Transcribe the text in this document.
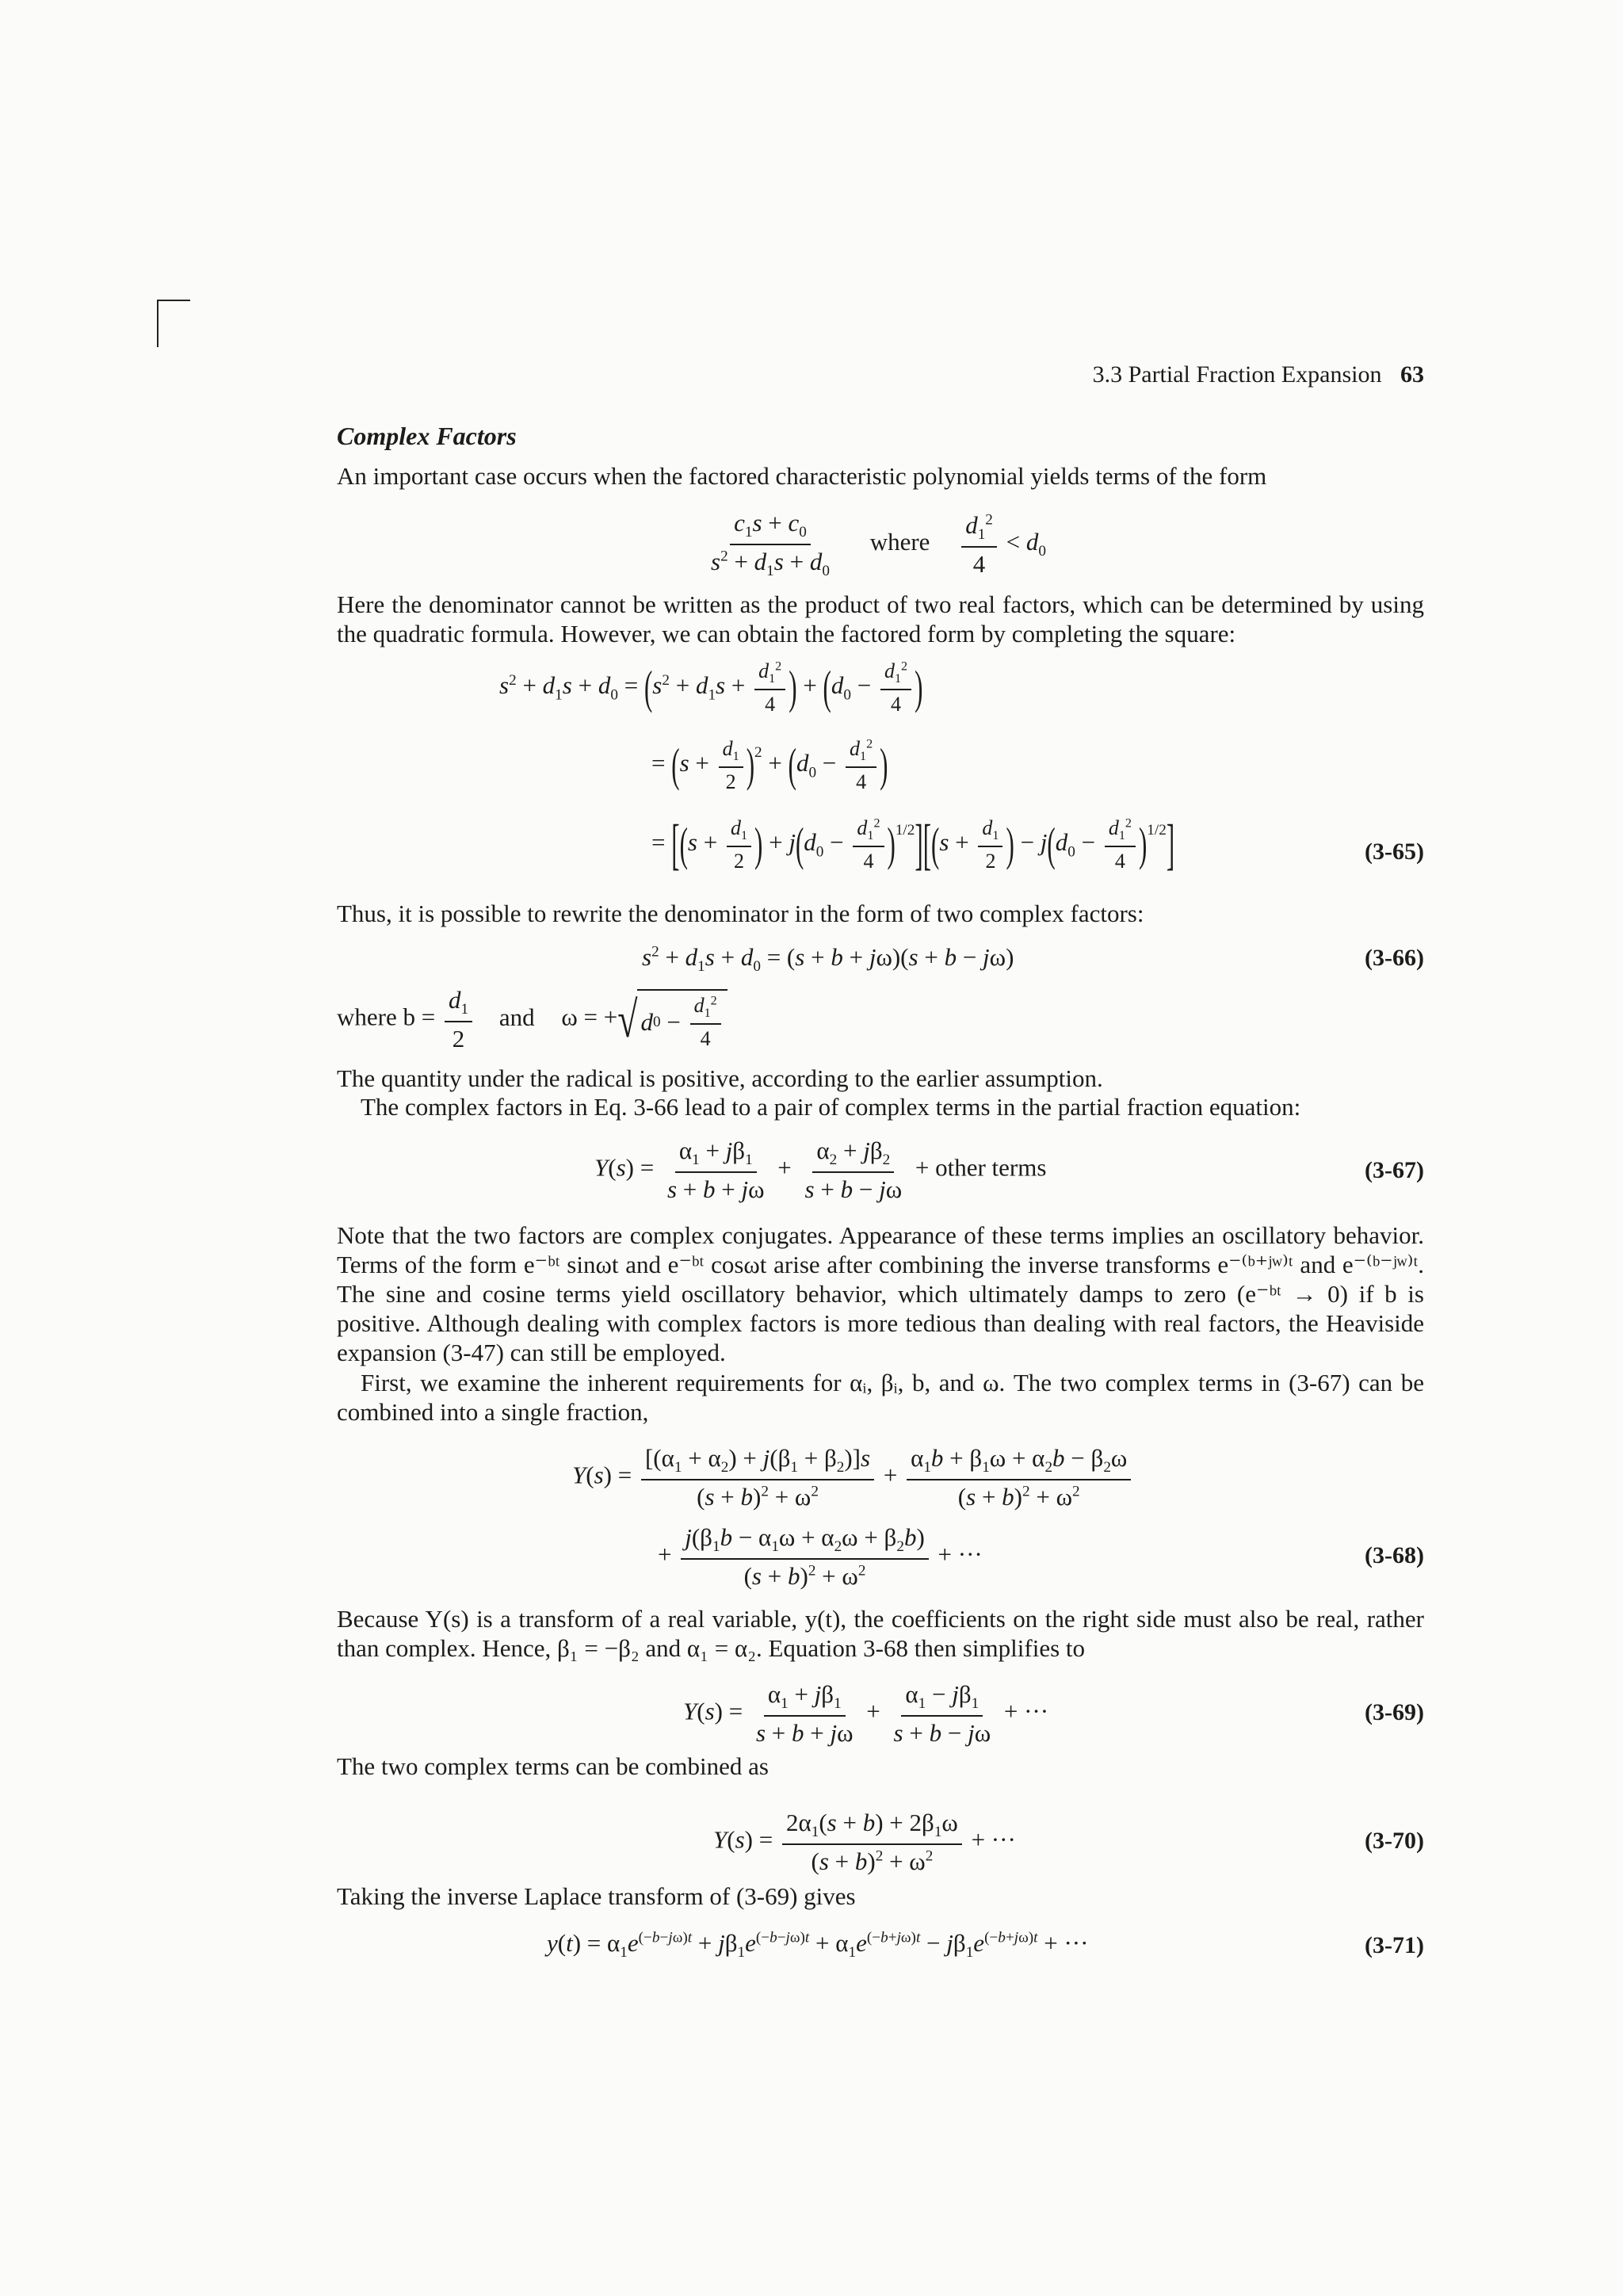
3.3 Partial Fraction Expansion 63
Complex Factors
An important case occurs when the factored characteristic polynomial yields terms of the form
$\frac{c_1s + c_0}{s^2 + d_1s + d_0}$ where $\frac{d_1^2}{4} < d_0$
Here the denominator cannot be written as the product of two real factors, which can be determined by using the quadratic formula. However, we can obtain the factored form by completing the square:
$s^2 + d_1s + d_0 = (s^2 + d_1s + \frac{d_1^2}{4}$ ) + ($d_0 - \frac{d_1^2}{4}$ )
= $(s + \frac{d_1}{2} )^2 + (d_0 - \frac{d_1^2}{4}$ )
= [($s + \frac{d_1}{2}$ ) + $j(d_0 - \frac{d_1^2}{4} )^{1/2}][(s + \frac{d_1}{2}$ ) − $j(d_0 - \frac{d_1^2}{4} )^{1/2}$]	(3-65)
Thus, it is possible to rewrite the denominator in the form of two complex factors:
$s^2 + d_1s + d_0 = (s + b + j\omega)(s + b - j\omega)$	(3-66)
where $b = \frac{d_1}{2}$ and ω = + √ d 0 −
$d_1^2$
4
The quantity under the radical is positive, according to the earlier assumption.
The complex factors in Eq. 3-66 lead to a pair of complex terms in the partial fraction equation:
$Y(s) = \frac{\alpha_1 + j\beta_1}{s + b + j\omega} + \frac{\alpha_2 + j\beta_2}{s + b - j\omega}$ + other terms	(3-67)
Note that the two factors are complex conjugates. Appearance of these terms implies an oscillatory behavior. Terms of the form e⁻ᵇᵗ sinωt and e⁻ᵇᵗ cosωt arise after combining the inverse transforms e⁻⁽ᵇ⁺ʲʷ⁾ᵗ and e⁻⁽ᵇ⁻ʲʷ⁾ᵗ. The sine and cosine terms yield oscillatory behavior, which ultimately damps to zero (e⁻ᵇᵗ → 0) if b is positive. Although dealing with complex factors is more tedious than dealing with real factors, the Heaviside expansion (3-47) can still be employed.
First, we examine the inherent requirements for αᵢ, βᵢ, b, and ω. The two complex terms in (3-67) can be combined into a single fraction,
$Y(s) = \frac{[(\alpha_1 + \alpha_2) + j(\beta_1 + \beta_2)]s}{(s + b)^2 + \omega^2} + \frac{\alpha_1b + \beta_1\omega + \alpha_2b - \beta_2\omega}{(s + b)^2 + \omega^2}$
+ $\frac{j(\beta_1b - \alpha_1\omega + \alpha_2\omega + \beta_2b)}{(s + b)^2 + \omega^2}$ + ···	(3-68)
Because Y(s) is a transform of a real variable, y(t), the coefficients on the right side must also be real, rather than complex. Hence, β₁ = −β₂ and α₁ = α₂. Equation 3-68 then simplifies to
$Y(s) = \frac{\alpha_1 + j\beta_1}{s + b + j\omega} + \frac{\alpha_1 - j\beta_1}{s + b - j\omega}$ + ···	(3-69)
The two complex terms can be combined as
$Y(s) = \frac{2\alpha_1(s + b) + 2\beta_1\omega}{(s + b)^2 + \omega^2}$ + ···	(3-70)
Taking the inverse Laplace transform of (3-69) gives
$y(t) = \alpha_1e^{(-b-j\omega)t} + j\beta_1e^{(-b-j\omega)t} + \alpha_1e^{(-b+j\omega)t} - j\beta_1e^{(-b+j\omega)t}$ + ···	(3-71)
